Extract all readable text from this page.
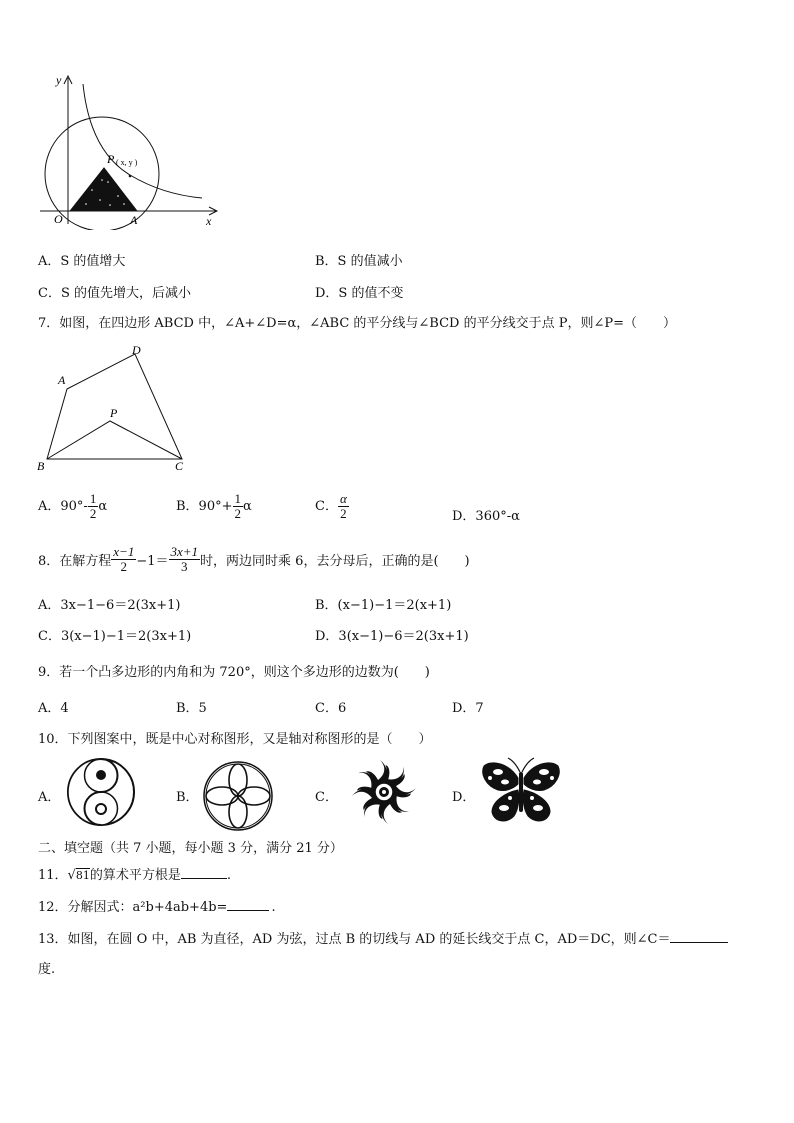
y
x
O	A
P ( x, y )
A．S 的值增大	B．S 的值减小
C．S 的值先增大，后减小	D．S 的值不变
7．如图，在四边形 ABCD 中，∠A+∠D=α，∠ABC 的平分线与∠BCD 的平分线交于点 P，则∠P=（　　）
A
D
P
B	C
A．$90^\circ- \frac{1}{2}$ α	B．$90^\circ+ \frac{1}{2}$ α	C． $\frac{\alpha}{2}$	D．360°-α
8．在解方程 $\frac{x-1}{2} -1= \frac{3x+1}{3}$ 时，两边同时乘 6，去分母后，正确的是(　　)
A．3x−1−6＝2(3x+1)	B．(x−1)−1＝2(x+1)
C．3(x−1)−1＝2(3x+1)	D．3(x−1)−6＝2(3x+1)
9．若一个凸多边形的内角和为 720°，则这个多边形的边数为(　　)
A．4	B．5	C．6	D．7
10．下列图案中，既是中心对称图形，又是轴对称图形的是（　　）
A．	B．	C．	D．
二、填空题（共 7 小题，每小题 3 分，满分 21 分）
11．√81的算术平方根是	.
12．分解因式：a²b+4ab+4b=	.
13．如图，在圆 O 中，AB 为直径，AD 为弦，过点 B 的切线与 AD 的延长线交于点 C，AD＝DC，则∠C＝
度.
